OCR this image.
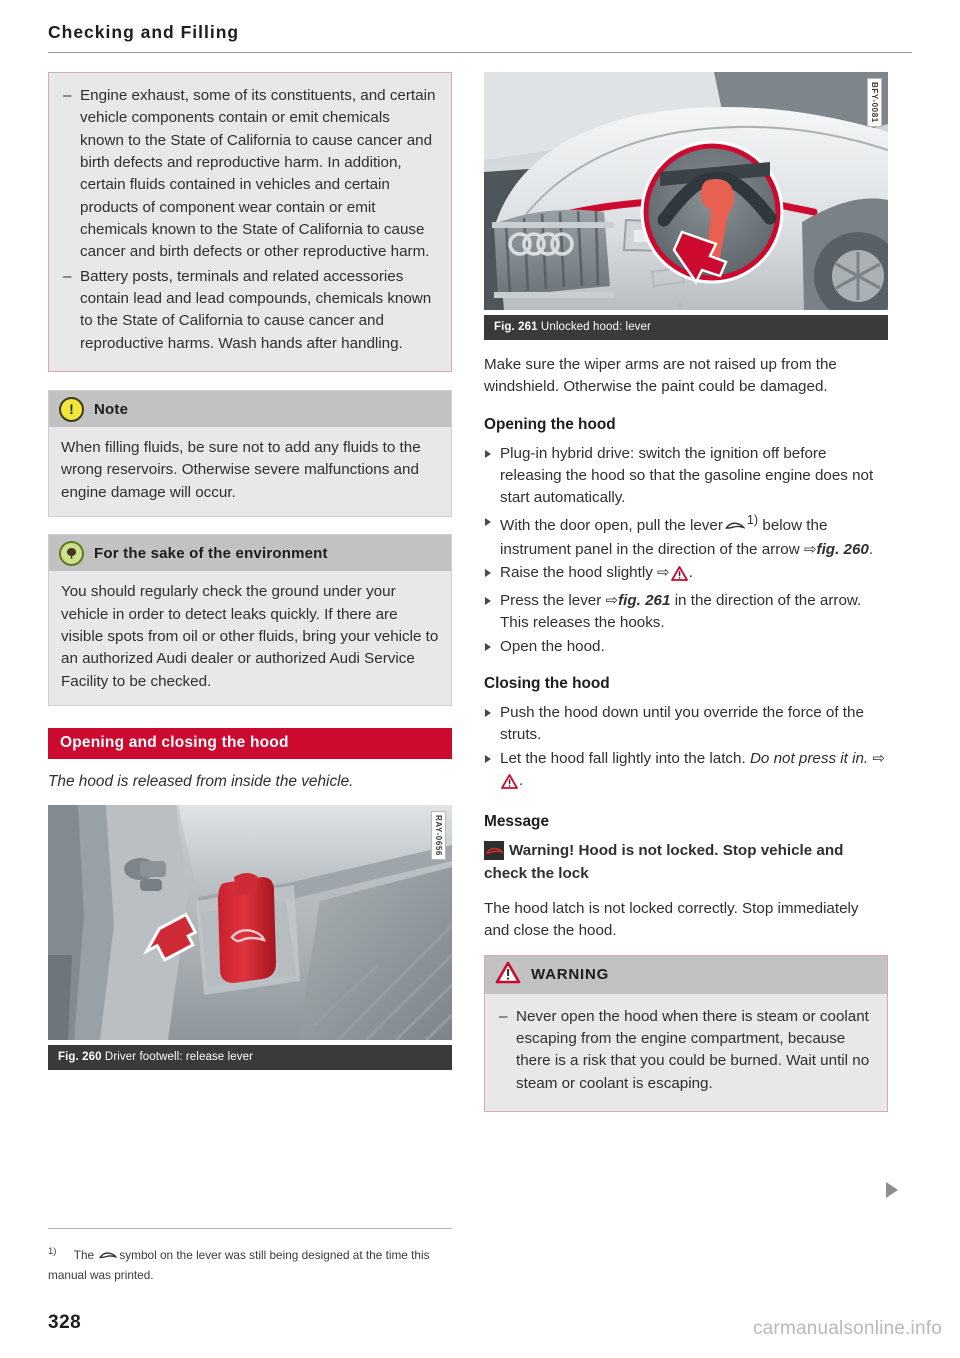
Checking and Filling
– Engine exhaust, some of its constituents, and certain vehicle components contain or emit chemicals known to the State of California to cause cancer and birth defects and reproductive harm. In addition, certain fluids contained in vehicles and certain products of component wear contain or emit chemicals known to the State of California to cause cancer and birth defects or other reproductive harm.
– Battery posts, terminals and related accessories contain lead and lead compounds, chemicals known to the State of California to cause cancer and reproductive harms. Wash hands after handling.
!	Note

When filling fluids, be sure not to add any fluids to the wrong reservoirs. Otherwise severe malfunctions and engine damage will occur.

For the sake of the environment

You should regularly check the ground under your vehicle in order to detect leaks quickly. If there are visible spots from oil or other fluids, bring your vehicle to an authorized Audi dealer or authorized Audi Service Facility to be checked.

Opening and closing the hood
The hood is released from inside the vehicle.
RAY-0656
Fig. 260 Driver footwell: release lever
$^{1)}$ The symbol on the lever was still being designed at the time this manual was printed.
BFY-0081
Fig. 261 Unlocked hood: lever

Make sure the wiper arms are not raised up from the windshield. Otherwise the paint could be damaged.

Opening the hood
Plug-in hybrid drive: switch the ignition off before releasing the hood so that the gasoline engine does not start automatically.
With the door open, pull the lever $^{1)}$ below the instrument panel in the direction of the arrow ⇨fig. 260.
Raise the hood slightly ⇨ .
Press the lever ⇨fig. 261 in the direction of the arrow. This releases the hooks.
Open the hood.
Closing the hood
Push the hood down until you override the force of the struts.
Let the hood fall lightly into the latch. Do not press it in. ⇨.
Message

Warning! Hood is not locked. Stop vehicle and check the lock

The hood latch is not locked correctly. Stop immediately and close the hood.

WARNING
– Never open the hood when there is steam or coolant escaping from the engine compartment, because there is a risk that you could be burned. Wait until no steam or coolant is escaping.
328	carmanualsonline.info
